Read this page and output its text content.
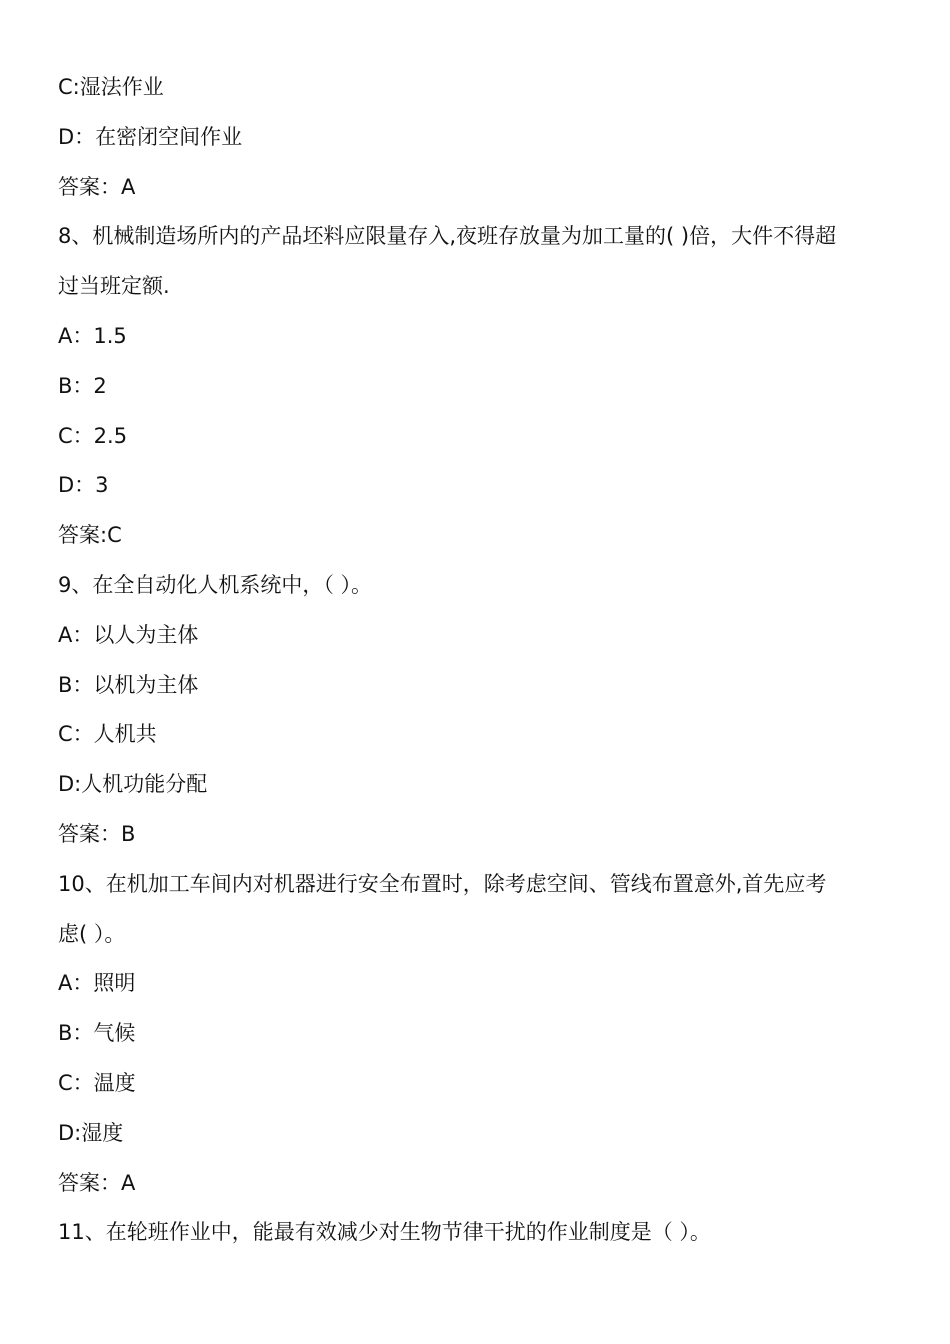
C:湿法作业
D：在密闭空间作业
答案：A
8、机械制造场所内的产品坯料应限量存入,夜班存放量为加工量的( )倍，大件不得超
过当班定额.
A：1.5
B：2
C：2.5
D：3
答案:C
9、在全自动化人机系统中，（ ）。
A：以人为主体
B：以机为主体
C：人机共
D:人机功能分配
答案：B
10、在机加工车间内对机器进行安全布置时，除考虑空间、管线布置意外,首先应考
虑( ）。
A：照明
B：气候
C：温度
D:湿度
答案：A
11、在轮班作业中，能最有效减少对生物节律干扰的作业制度是（ ）。
